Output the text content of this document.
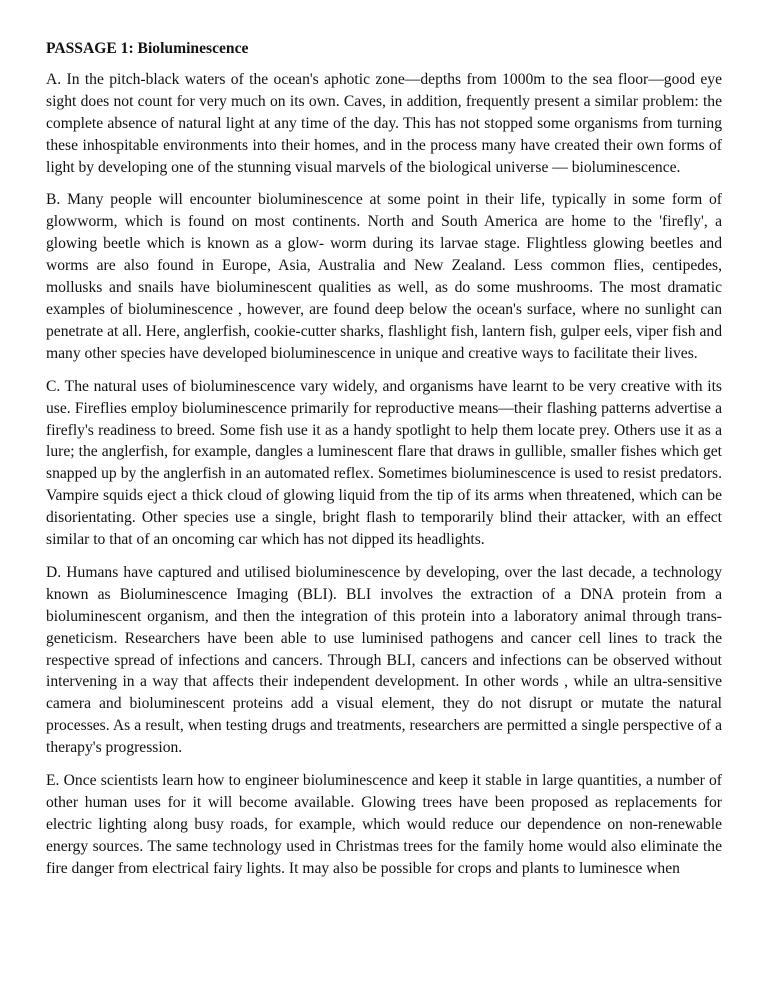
PASSAGE 1: Bioluminescence

A. In the pitch-black waters of the ocean's aphotic zone—depths from 1000m to the sea floor—good eye sight does not count for very much on its own. Caves, in addition, frequently present a similar problem: the complete absence of natural light at any time of the day. This has not stopped some organisms from turning these inhospitable environments into their homes, and in the process many have created their own forms of light by developing one of the stunning visual marvels of the biological universe — bioluminescence.

B. Many people will encounter bioluminescence at some point in their life, typically in some form of glowworm, which is found on most continents. North and South America are home to the 'firefly', a glowing beetle which is known as a glow- worm during its larvae stage. Flightless glowing beetles and worms are also found in Europe, Asia, Australia and New Zealand. Less common flies, centipedes, mollusks and snails have bioluminescent qualities as well, as do some mushrooms. The most dramatic examples of bioluminescence , however, are found deep below the ocean's surface, where no sunlight can penetrate at all. Here, anglerfish, cookie-cutter sharks, flashlight fish, lantern fish, gulper eels, viper fish and many other species have developed bioluminescence in unique and creative ways to facilitate their lives.

C. The natural uses of bioluminescence vary widely, and organisms have learnt to be very creative with its use. Fireflies employ bioluminescence primarily for reproductive means—their flashing patterns advertise a firefly's readiness to breed. Some fish use it as a handy spotlight to help them locate prey. Others use it as a lure; the anglerfish, for example, dangles a luminescent flare that draws in gullible, smaller fishes which get snapped up by the anglerfish in an automated reflex. Sometimes bioluminescence is used to resist predators. Vampire squids eject a thick cloud of glowing liquid from the tip of its arms when threatened, which can be disorientating. Other species use a single, bright flash to temporarily blind their attacker, with an effect similar to that of an oncoming car which has not dipped its headlights.

D. Humans have captured and utilised bioluminescence by developing, over the last decade, a technology known as Bioluminescence Imaging (BLI). BLI involves the extraction of a DNA protein from a bioluminescent organism, and then the integration of this protein into a laboratory animal through trans-geneticism. Researchers have been able to use luminised pathogens and cancer cell lines to track the respective spread of infections and cancers. Through BLI, cancers and infections can be observed without intervening in a way that affects their independent development. In other words , while an ultra-sensitive camera and bioluminescent proteins add a visual element, they do not disrupt or mutate the natural processes. As a result, when testing drugs and treatments, researchers are permitted a single perspective of a therapy's progression.

E. Once scientists learn how to engineer bioluminescence and keep it stable in large quantities, a number of other human uses for it will become available. Glowing trees have been proposed as replacements for electric lighting along busy roads, for example, which would reduce our dependence on non-renewable energy sources. The same technology used in Christmas trees for the family home would also eliminate the fire danger from electrical fairy lights. It may also be possible for crops and plants to luminesce when
